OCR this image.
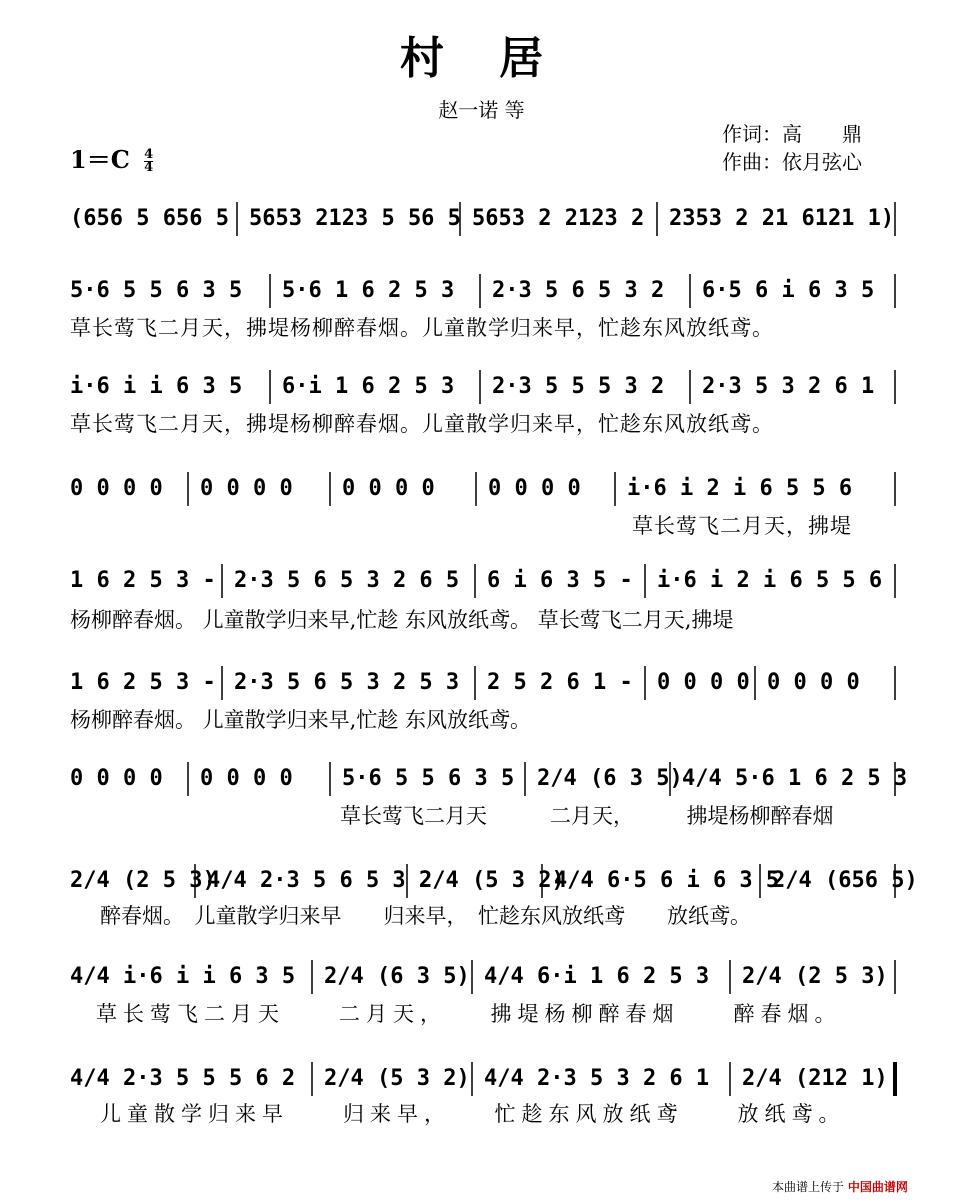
村 居
赵一诺 等
作词：高　　鼎
作曲：依月弦心
$1=C \frac{4}{4}$
(656 5 656 5 5653 2123 5 56 5 5653 2 2123 2 2353 2 21 6121 1)
5·6 5 5 6 3 5	5·6 1 6 2 5 3	2·3 5 6 5 3 2	6·5 6 i 6 3 5
草长莺飞二月天，拂堤杨柳醉春烟。儿童散学归来早，忙趁东风放纸鸢。
i·6 i i 6 3 5	6·i 1 6 2 5 3	2·3 5 5 5 3 2	2·3 5 3 2 6 1
草长莺飞二月天，拂堤杨柳醉春烟。儿童散学归来早，忙趁东风放纸鸢。
0 0 0 0	0 0 0 0	0 0 0 0	0 0 0 0	i·6 i 2 i 6 5 5 6
草长莺飞二月天，拂堤
1 6 2 5 3 - 2·3 5 6 5 3 2 6 5	6 i 6 3 5 - i·6 i 2 i 6 5 5 6
杨柳醉春烟。 儿童散学归来早,忙趁 东风放纸鸢。 草长莺飞二月天,拂堤
1 6 2 5 3 - 2·3 5 6 5 3 2 5 3	2 5 2 6 1 - 0 0 0 0 0 0 0 0
杨柳醉春烟。 儿童散学归来早,忙趁 东风放纸鸢。
0 0 0 0	0 0 0 0	5·6 5 5 6 3 5 2/4 (6 3 5) 4/4 5·6 1 6 2 5 3
草长莺飞二月天　　　二月天，　　　拂堤杨柳醉春烟
2/4 (2 5 3)
4/4 2·3 5 6 5 3 2
2/4 (5 3 2)
4/4 6·5 6 i 6 3 5
2/4 (656 5)
醉春烟。　儿童散学归来早　　归来早，　忙趁东风放纸鸢　　放纸鸢。
4/4 i·6 i i 6 3 5	2/4 (6 3 5) 4/4 6·i 1 6 2 5 3	2/4 (2 5 3)
草长莺飞二月天　　二月天，　　拂堤杨柳醉春烟　　醉春烟。
4/4 2·3 5 5 5 6 2	2/4 (5 3 2) 4/4 2·3 5 3 2 6 1	2/4 (212 1)
儿童散学归来早　　归来早，　　忙趁东风放纸鸢　　放纸鸢。
本曲谱上传于 中国曲谱网
